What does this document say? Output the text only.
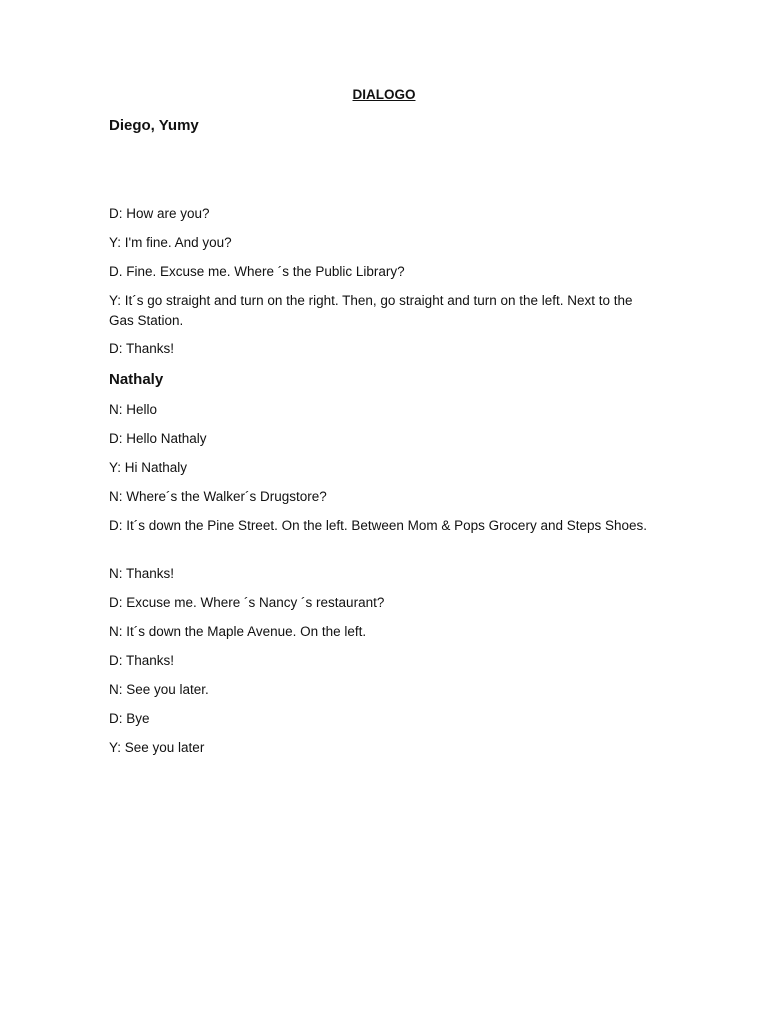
DIALOGO
Diego, Yumy
D: How are you?
Y: I'm fine. And you?
D. Fine. Excuse me. Where ´s the Public Library?
Y: It´s go straight and turn on the right. Then, go straight and turn on the left. Next to the Gas Station.
D: Thanks!
Nathaly
N: Hello
D: Hello Nathaly
Y: Hi Nathaly
N: Where´s the Walker´s Drugstore?
D: It´s down the Pine Street. On the left. Between Mom & Pops Grocery and Steps Shoes.
N: Thanks!
D: Excuse me. Where ´s Nancy ´s restaurant?
N: It´s down the Maple Avenue. On the left.
D: Thanks!
N: See you later.
D: Bye
Y: See you later
